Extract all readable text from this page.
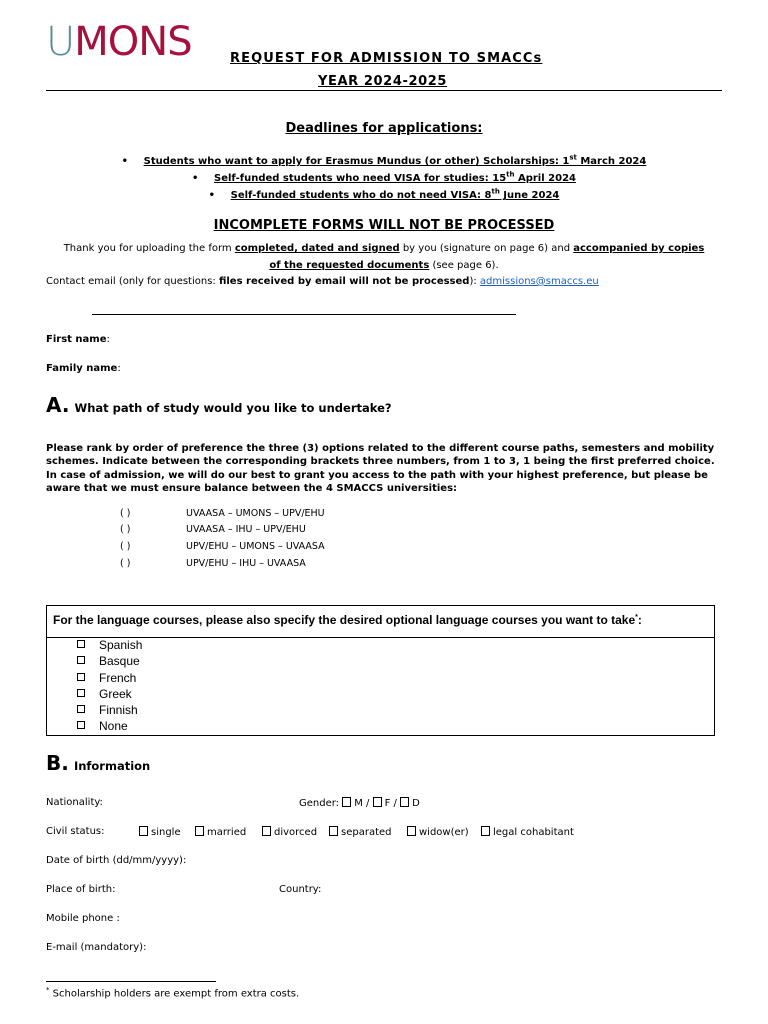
UMONS	REQUEST FOR ADMISSION TO SMACCs
YEAR 2024-2025
Deadlines for applications:
• Students who want to apply for Erasmus Mundus (or other) Scholarships: 1st March 2024
• Self-funded students who need VISA for studies: 15th April 2024
• Self-funded students who do not need VISA: 8th June 2024
INCOMPLETE FORMS WILL NOT BE PROCESSED
Thank you for uploading the form completed, dated and signed by you (signature on page 6) and accompanied by copies
of the requested documents (see page 6).
Contact email (only for questions: files received by email will not be processed): admissions@smaccs.eu
First name:
Family name:
A. What path of study would you like to undertake?
Please rank by order of preference the three (3) options related to the different course paths, semesters and mobility schemes. Indicate between the corresponding brackets three numbers, from 1 to 3, 1 being the first preferred choice. In case of admission, we will do our best to grant you access to the path with your highest preference, but please be aware that we must ensure balance between the 4 SMACCS universities:
( )	UVAASA – UMONS – UPV/EHU
( )	UVAASA – IHU – UPV/EHU
( )	UPV/EHU – UMONS – UVAASA
( )	UPV/EHU – IHU – UVAASA
For the language courses, please also specify the desired optional language courses you want to take*:
Spanish
Basque
French
Greek
Finnish
None
B. Information
Nationality:	Gender: M / F / D
Civil status:	single	married	divorced	separated	widow(er)	legal cohabitant
Date of birth (dd/mm/yyyy):
Place of birth:	Country:
Mobile phone :
E-mail (mandatory):
* Scholarship holders are exempt from extra costs.
